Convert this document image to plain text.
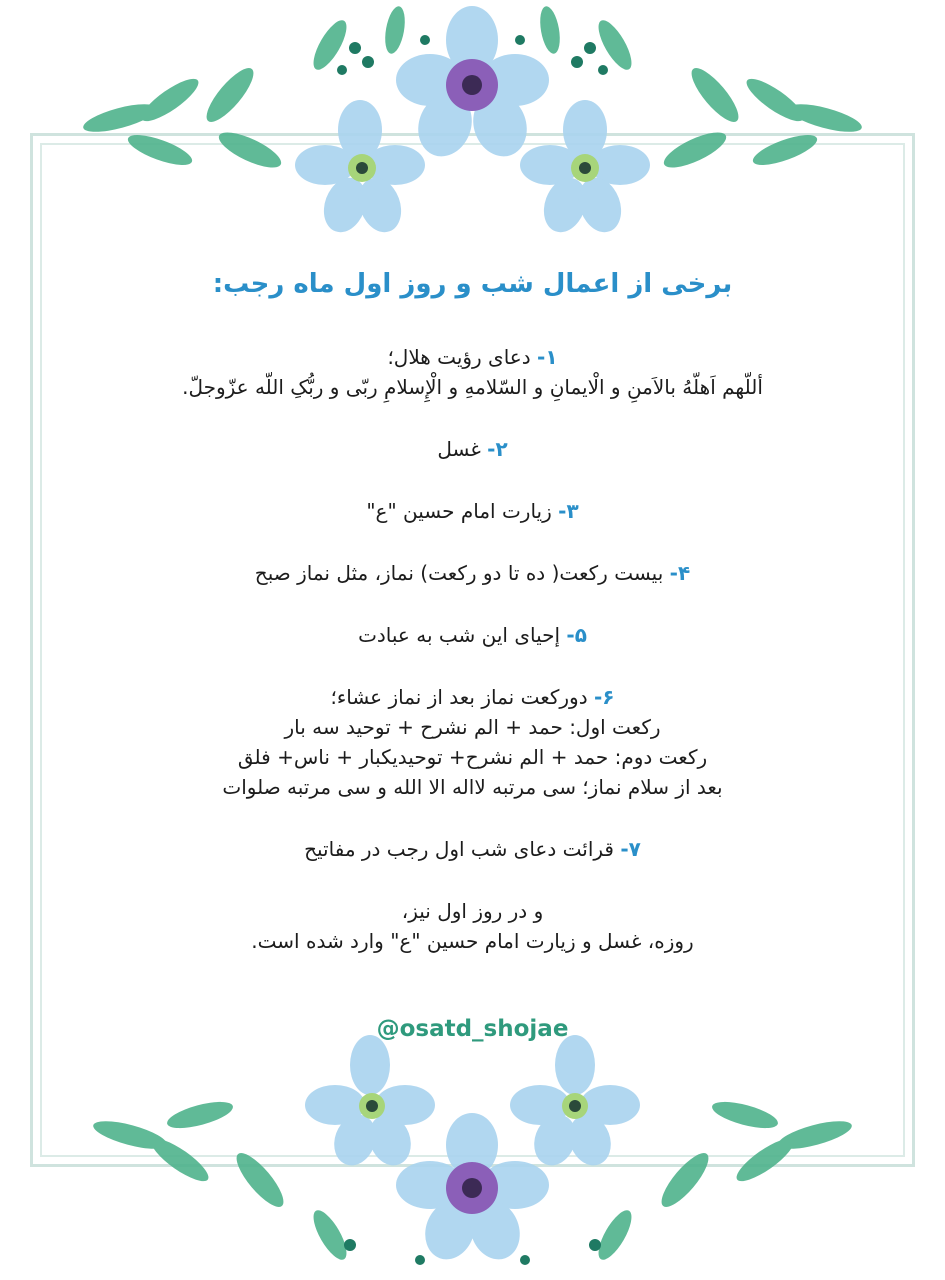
برخی از اعمال شب و روز اول ماه رجب:

۱- دعای رؤیت هلال؛

أللّهم اَهلّهُ بالاَمنِ و الْایمانِ و السّلامهِ و الْإِسلامِ ربّی و ربُّکِ اللّه عزّوجلّ.

۲- غسل

۳- زیارت امام حسین "ع"

۴- بیست رکعت( ده تا دو رکعت) نماز، مثل نماز صبح

۵- إحیای این شب به عبادت

۶- دورکعت نماز بعد از نماز عشاء؛

رکعت اول: حمد + الم نشرح + توحید سه بار

رکعت دوم: حمد + الم نشرح+ توحیدیکبار + ناس+ فلق

بعد از سلام نماز؛ سی مرتبه لااله الا الله و سی مرتبه صلوات

۷- قرائت دعای شب اول رجب در مفاتیح

و در روز اول نیز،

روزه، غسل و زیارت امام حسین "ع" وارد شده است.

@osatd_shojae
